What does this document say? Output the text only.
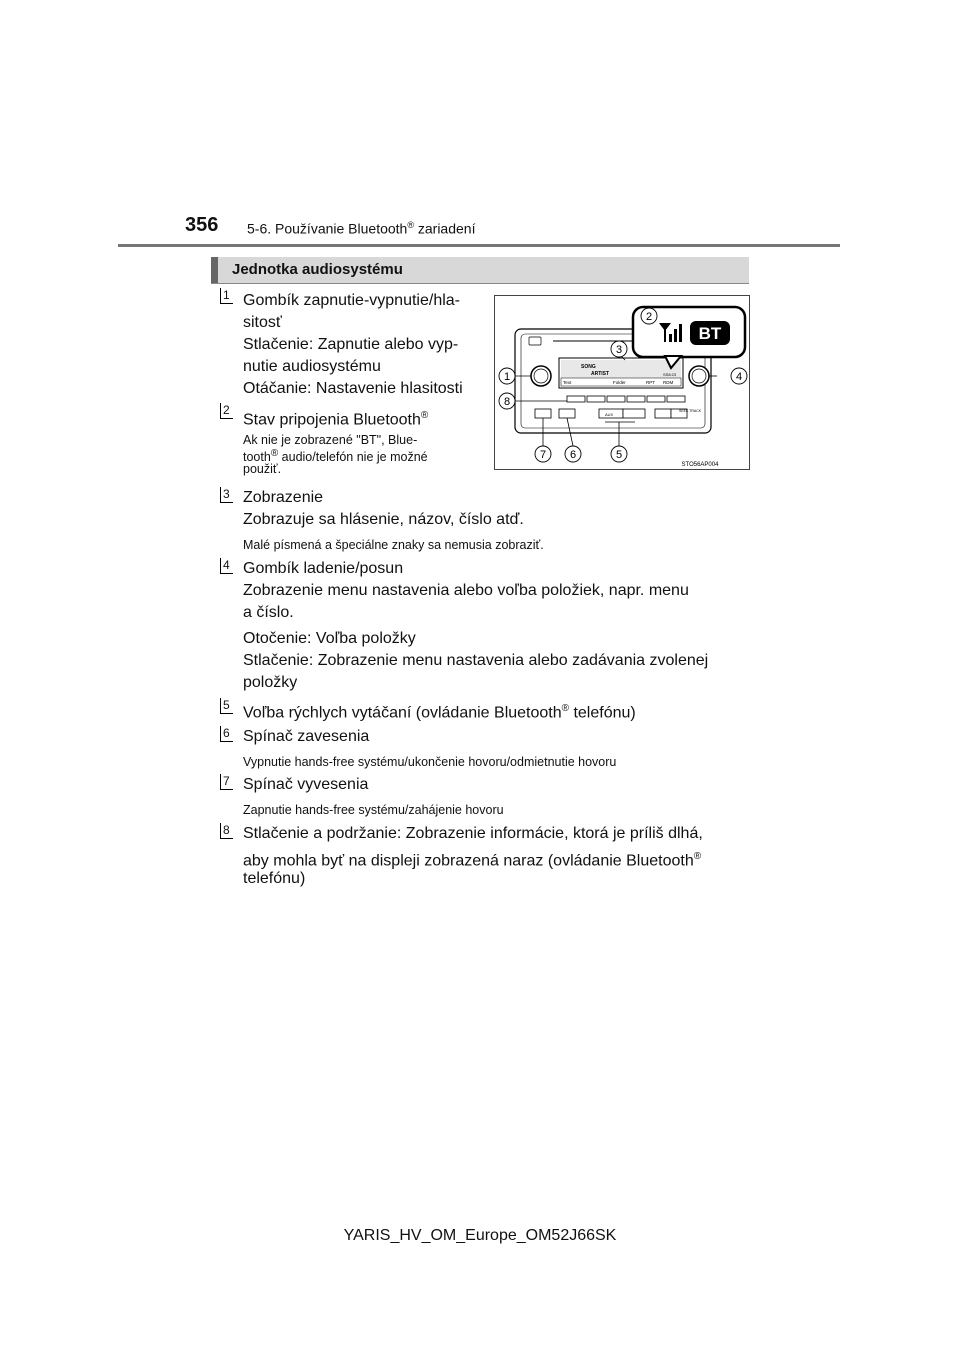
356 5-6. Používanie Bluetooth® zariadení
Jednotka audiosystému
1 Gombík zapnutie-vypnutie/hla-
sitosť
Stlačenie: Zapnutie alebo vyp-
nutie audiosystému
Otáčanie: Nastavenie hlasitosti
2
Stav pripojenia Bluetooth®
Ak nie je zobrazené "BT", Blue-
tooth® audio/telefón nie je možné
použiť.
3 Zobrazenie
Zobrazuje sa hlásenie, názov, číslo atď.
Malé písmená a špeciálne znaky sa nemusia zobraziť.
4 Gombík ladenie/posun
Zobrazenie menu nastavenia alebo voľba položiek, napr. menu
a číslo.
Otočenie: Voľba položky
Stlačenie: Zobrazenie menu nastavenia alebo zadávania zvolenej
položky
5 Voľba rýchlych vytáčaní (ovládanie Bluetooth® telefónu)
6 Spínač zavesenia
Vypnutie hands-free systému/ukončenie hovoru/odmietnutie hovoru
7 Spínač vyvesenia
Zapnutie hands-free systému/zahájenie hovoru
8 Stlačenie a podržanie: Zobrazenie informácie, ktorá je príliš dlhá,
aby mohla byť na displeji zobrazená naraz (ovládanie Bluetooth®
telefónu)
SONG
ARTIST	SS8:23
Text	Folder	RPT RDM
AUX
SEEK TRACK
BT
1
2
3
4
5
6
7
8
STO56AP004
YARIS_HV_OM_Europe_OM52J66SK
